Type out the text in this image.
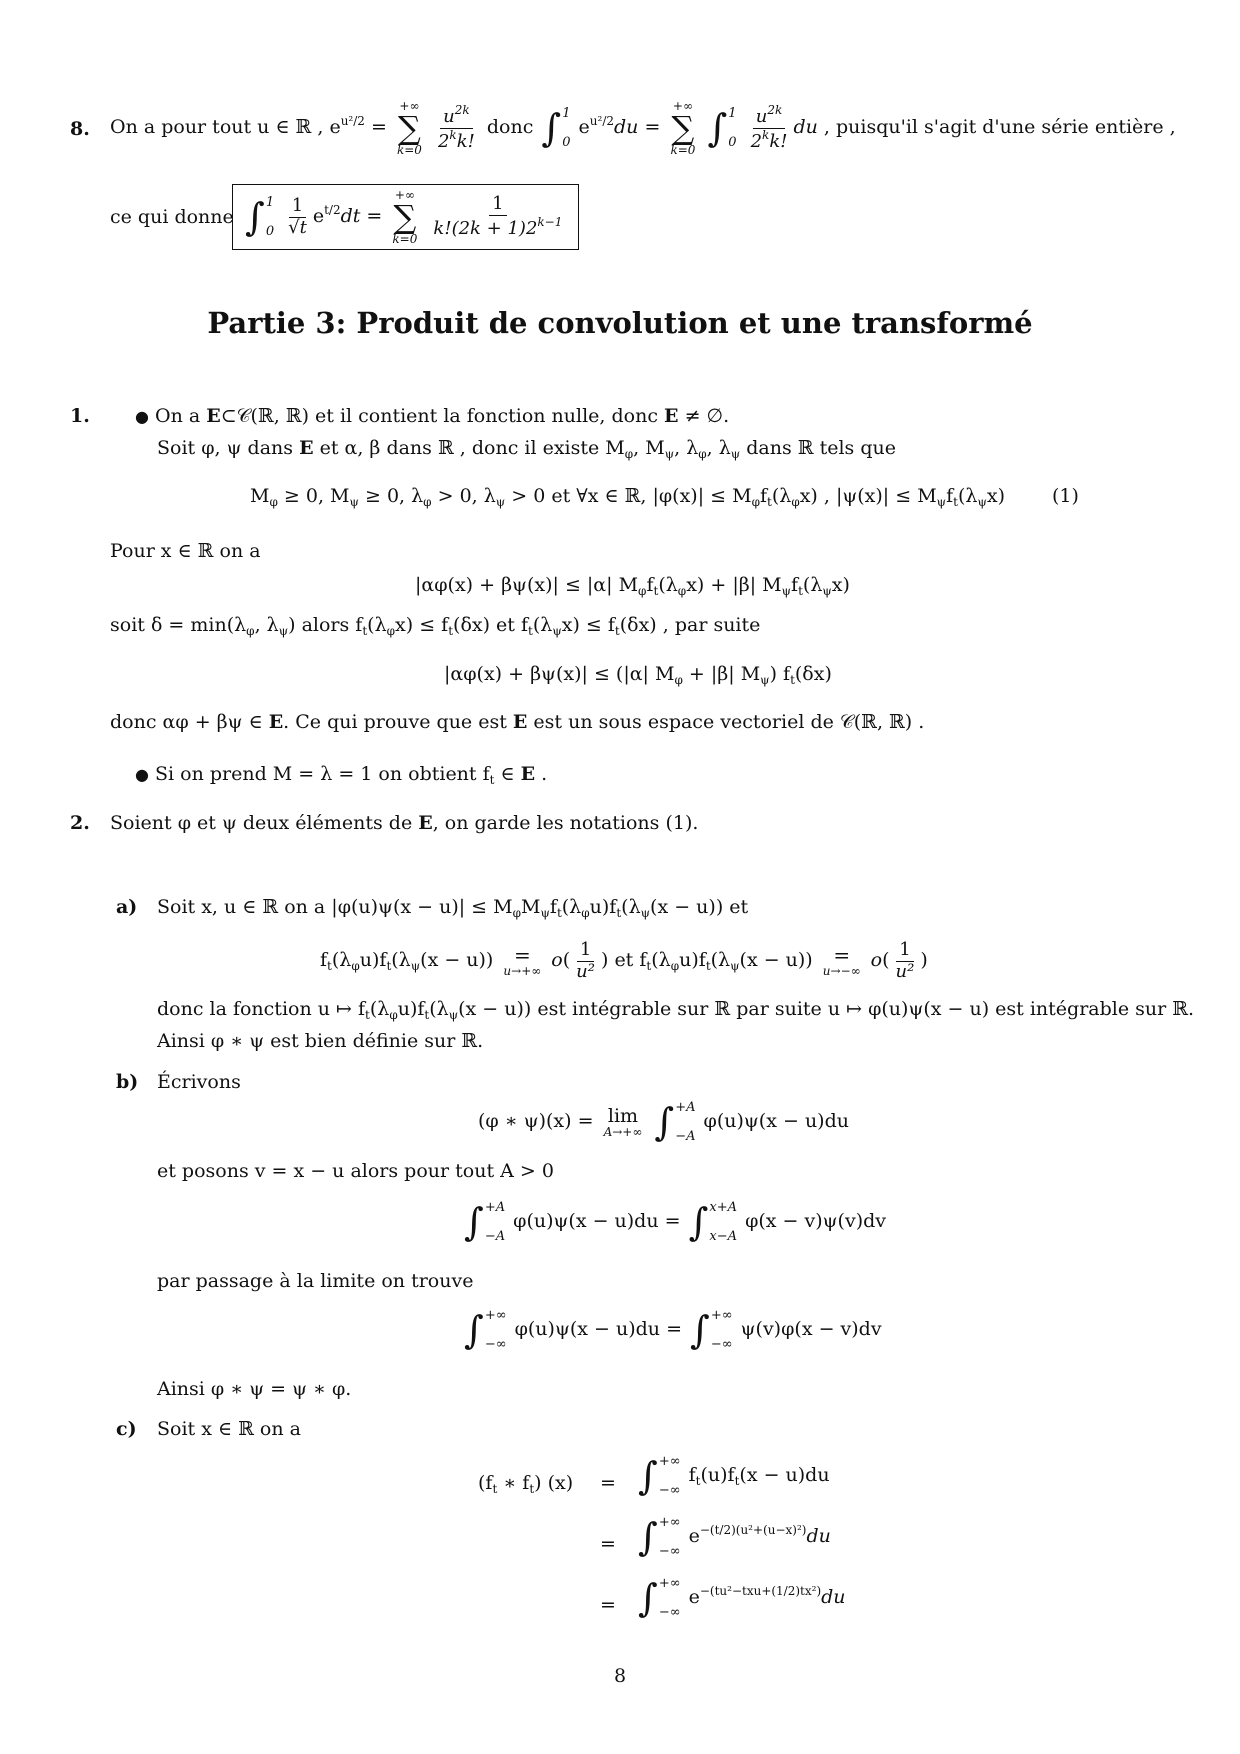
8. On a pour tout u ∈ ℝ , $e^{u^2/2}$ =
+∞
∑
k=0
$\frac{u^{2k}}{2^kk!}$ donc ∫ 1
0
$e^{u^2/2}du$ =
+∞
∑
k=0
∫ 1
0
$\frac{u^{2k}}{2^kk!}$ du , puisqu'il s'agit d'une série entière ,
ce qui donne ∫ 1
0
$\frac{1}{√t} e^{t/2}dt$ =
+∞
∑
k=0
$\frac{1}{k!(2k + 1)2^{k-1}}$
Partie 3: Produit de convolution et une transformé
1.	● On a E⊂𝒞(ℝ, ℝ) et il contient la fonction nulle, donc E ≠ ∅.
Soit φ, ψ dans E et α, β dans ℝ , donc il existe $M_\varphi$, $M_\psi$, $\lambda_\varphi$, $\lambda_\psi$ dans ℝ tels que
$M_\varphi \ge 0$, $M_\psi \ge 0$, $\lambda_\varphi > 0$, $\lambda_\psi > 0$ et ∀x ∈ ℝ, $|\varphi(x)| \le M_\varphi f_t(\lambda_\varphi x)$ , $|\psi(x)| \le M_\psi f_t(\lambda_\psi x)$ (1)
Pour x ∈ ℝ on a
|αφ(x) + βψ(x)| ≤ |α| $M_\varphi f_t(\lambda_\varphi x) + |\beta|$ $M_\psi f_t(\lambda_\psi x)$
soit $\delta = \min(\lambda_\varphi$, $\lambda_\psi$) alors $f_t(\lambda_\varphi x) \le f_t(\delta x)$ et $f_t(\lambda_\psi x) \le f_t(\delta x)$ , par suite
|αφ(x) + βψ(x)| ≤ (|α| $M_\varphi + |\beta|$ $M_\psi$) $f_t(\delta x)$
donc αφ + βψ ∈ E. Ce qui prouve que est E est un sous espace vectoriel de 𝒞(ℝ, ℝ) .
● Si on prend M = λ = 1 on obtient $f_t$ ∈ E .
2. Soient φ et ψ deux éléments de E, on garde les notations (1).
a) Soit x, u ∈ ℝ on a $|\varphi(u)\psi(x - u)| \le M_\varphi M_\psi f_t(\lambda_\varphi u)f_t(\lambda_\psi(x - u))$ et
$f_t(\lambda_\varphi u)f_t(\lambda_\psi(x - u))$ =
u→+∞ $o( \frac{1}{\text{u²}}$ ) et $f_t(\lambda_\varphi u)f_t(\lambda_\psi(x - u))$ =
u→−∞ $o( \frac{1}{\text{u²}}$ )
donc la fonction u ↦ $f_t(\lambda_\varphi u)f_t(\lambda_\psi(x - u))$ est intégrable sur ℝ par suite u ↦ φ(u)ψ(x − u) est intégrable sur ℝ.
Ainsi φ ∗ ψ est bien définie sur ℝ.
b) Écrivons
(φ ∗ ψ)(x) = lim
A→+∞
∫ +A
−A
φ(u)ψ(x − u)du
et posons v = x − u alors pour tout A > 0
∫ +A
−A
φ(u)ψ(x − u)du = ∫ x+A
x−A
φ(x − v)ψ(v)dv
par passage à la limite on trouve
∫ +∞
−∞
φ(u)ψ(x − u)du = ∫ +∞
−∞
ψ(v)φ(x − v)dv
Ainsi φ ∗ ψ = ψ ∗ φ.
c) Soit x ∈ ℝ on a
($f_t$ ∗ $f_t$) (x) = ∫ +∞
−∞
$f_t(u)f_t(x - u)du$
= ∫ +∞
−∞
$e^{-(t/2)(u^2+(u-x)^2)}du$
= ∫ +∞
−∞
$e^{-(tu^2-txu+(1/2)tx^2)}du$
8
